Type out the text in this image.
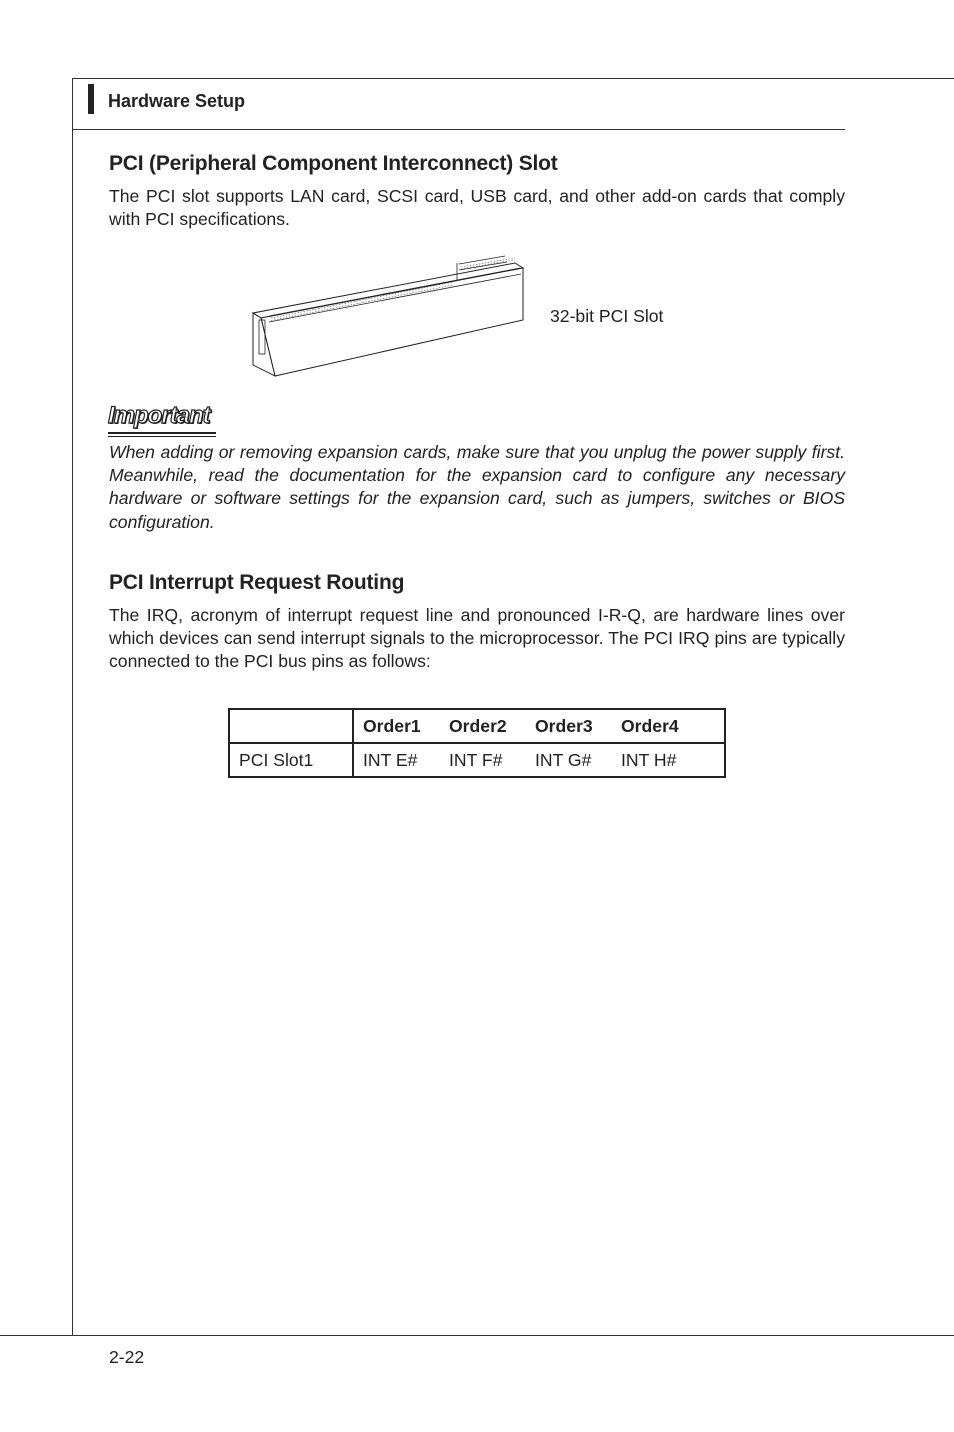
Hardware Setup
PCI (Peripheral Component Interconnect) Slot
The PCI slot supports LAN card, SCSI card, USB card, and other add-on cards that comply with PCI specifications.
32-bit PCI Slot
Important
When adding or removing expansion cards, make sure that you unplug the power supply first. Meanwhile, read the documentation for the expansion card to configure any necessary hardware or software settings for the expansion card, such as jumpers, switches or BIOS configuration.
PCI Interrupt Request Routing
The IRQ, acronym of interrupt request line and pronounced I-R-Q, are hardware lines over which devices can send interrupt signals to the microprocessor. The PCI IRQ pins are typically connected to the PCI bus pins as follows:
	Order1	Order2	Order3	Order4
PCI Slot1	INT E#	INT F#	INT G#	INT H#
2-22
